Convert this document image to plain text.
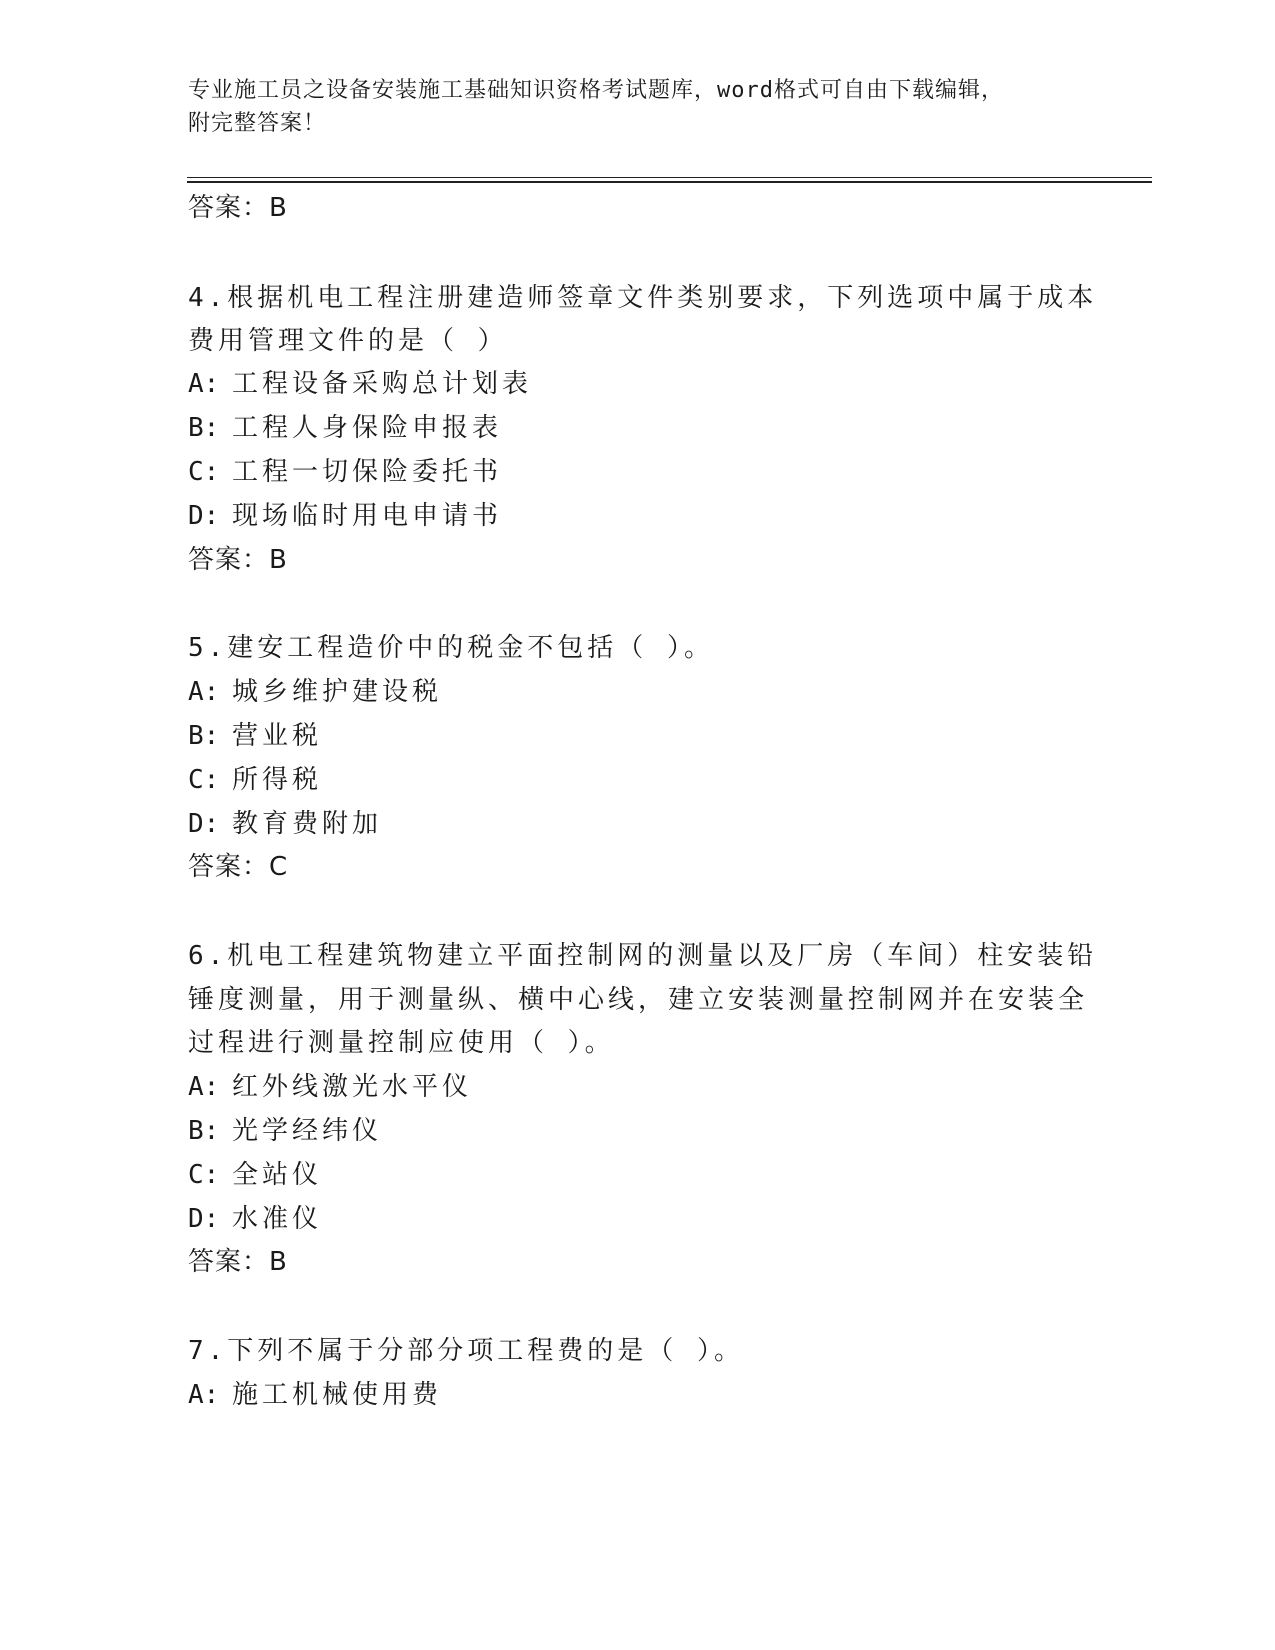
专业施工员之设备安装施工基础知识资格考试题库，word格式可自由下载编辑，
附完整答案！
答案：B
4.根据机电工程注册建造师签章文件类别要求，下列选项中属于成本
费用管理文件的是（ ）
A: 工程设备采购总计划表
B: 工程人身保险申报表
C: 工程一切保险委托书
D: 现场临时用电申请书
答案：B
5.建安工程造价中的税金不包括（ ）。
A: 城乡维护建设税
B: 营业税
C: 所得税
D: 教育费附加
答案：C
6.机电工程建筑物建立平面控制网的测量以及厂房（车间）柱安装铅
锤度测量，用于测量纵、横中心线，建立安装测量控制网并在安装全
过程进行测量控制应使用（ ）。
A: 红外线激光水平仪
B: 光学经纬仪
C: 全站仪
D: 水准仪
答案：B
7.下列不属于分部分项工程费的是（ ）。
A: 施工机械使用费
